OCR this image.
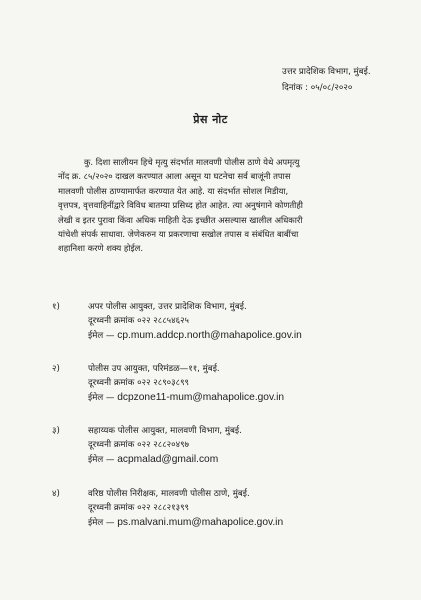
उत्तर प्रादेशिक विभाग, मुंबई.
दिनांक : ०५/०८/२०२०
प्रेस नोट
कु. दिशा सालीयन हिचे मृत्यु संदर्भात मालवणी पोलीस ठाणे येथे अपमृत्यु
नोंद क्र. ८५/२०२० दाखल करण्यात आला असून या घटनेचा सर्व बाजूंनी तपास
मालवणी पोलीस ठाण्यामार्फत करण्यात येत आहे. या संदर्भात सोशल मिडीया,
वृत्तपत्र, वृत्तवाहिनींद्वारे विविध बातम्या प्रसिध्द होत आहेत. त्या अनुषंगाने कोणतीही
लेखी व इतर पुरावा किंवा अधिक माहिती देऊ इच्छीत असल्यास खालील अधिकारी
यांचेशी संपर्क साधावा. जेणेकरुन या प्रकरणाचा सखोल तपास व संबंधित बाबींचा
शहानिशा करणे शक्य होईल.
१)	अपर पोलीस आयुक्त, उत्तर प्रादेशिक विभाग, मुंबई.
दूरध्वनी क्रमांक ०२२ २८८५४६२५
ईमेल — cp.mum.addcp.north@mahapolice.gov.in
२)	पोलीस उप आयुक्त, परिमंडळ—११, मुंबई.
दूरध्वनी क्रमांक ०२२ २८९०३८९९
ईमेल — dcpzone11-mum@mahapolice.gov.in
३)	सहाय्यक पोलीस आयुक्त, मालवणी विभाग, मुंबई.
दूरध्वनी क्रमांक ०२२ २८८२०४९७
ईमेल — acpmalad@gmail.com
४)	वरिष्ठ पोलीस निरीक्षक, मालवणी पोलीस ठाणे, मुंबई.
दूरध्वनी क्रमांक ०२२ २८८२१३९९
ईमेल — ps.malvani.mum@mahapolice.gov.in
